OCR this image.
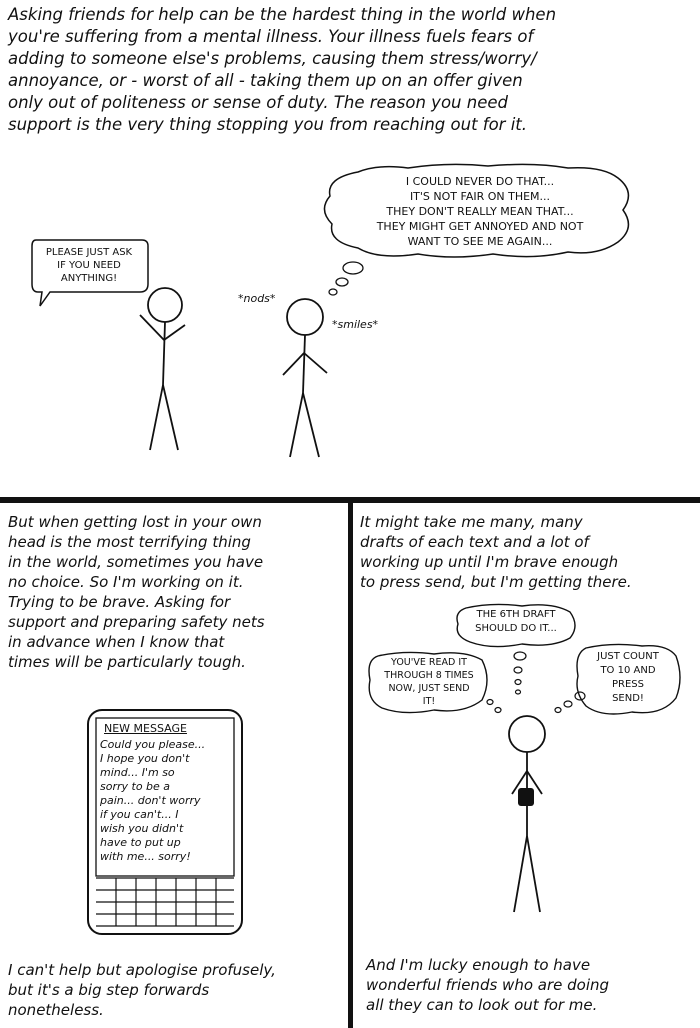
Asking friends for help can be the hardest thing in the world when
you're suffering from a mental illness. Your illness fuels fears of
adding to someone else's problems, causing them stress/worry/
annoyance, or - worst of all - taking them up on an offer given
only out of politeness or sense of duty. The reason you need
support is the very thing stopping you from reaching out for it.
PLEASE JUST ASK
IF YOU NEED
ANYTHING!
*nods*
*smiles*
I COULD NEVER DO THAT...
IT'S NOT FAIR ON THEM...
THEY DON'T REALLY MEAN THAT...
THEY MIGHT GET ANNOYED AND NOT
WANT TO SEE ME AGAIN...
But when getting lost in your own
head is the most terrifying thing
in the world, sometimes you have
no choice. So I'm working on it.
Trying to be brave. Asking for
support and preparing safety nets
in advance when I know that
times will be particularly tough.
NEW MESSAGE
Could you please...
I hope you don't
mind... I'm so
sorry to be a
pain... don't worry
if you can't... I
wish you didn't
have to put up
with me... sorry!
I can't help but apologise profusely,
but it's a big step forwards
nonetheless.
It might take me many, many
drafts of each text and a lot of
working up until I'm brave enough
to press send, but I'm getting there.
THE 6TH DRAFT
SHOULD DO IT...
YOU'VE READ IT
THROUGH 8 TIMES
NOW, JUST SEND
IT!
JUST COUNT
TO 10 AND
PRESS
SEND!
And I'm lucky enough to have
wonderful friends who are doing
all they can to look out for me.
